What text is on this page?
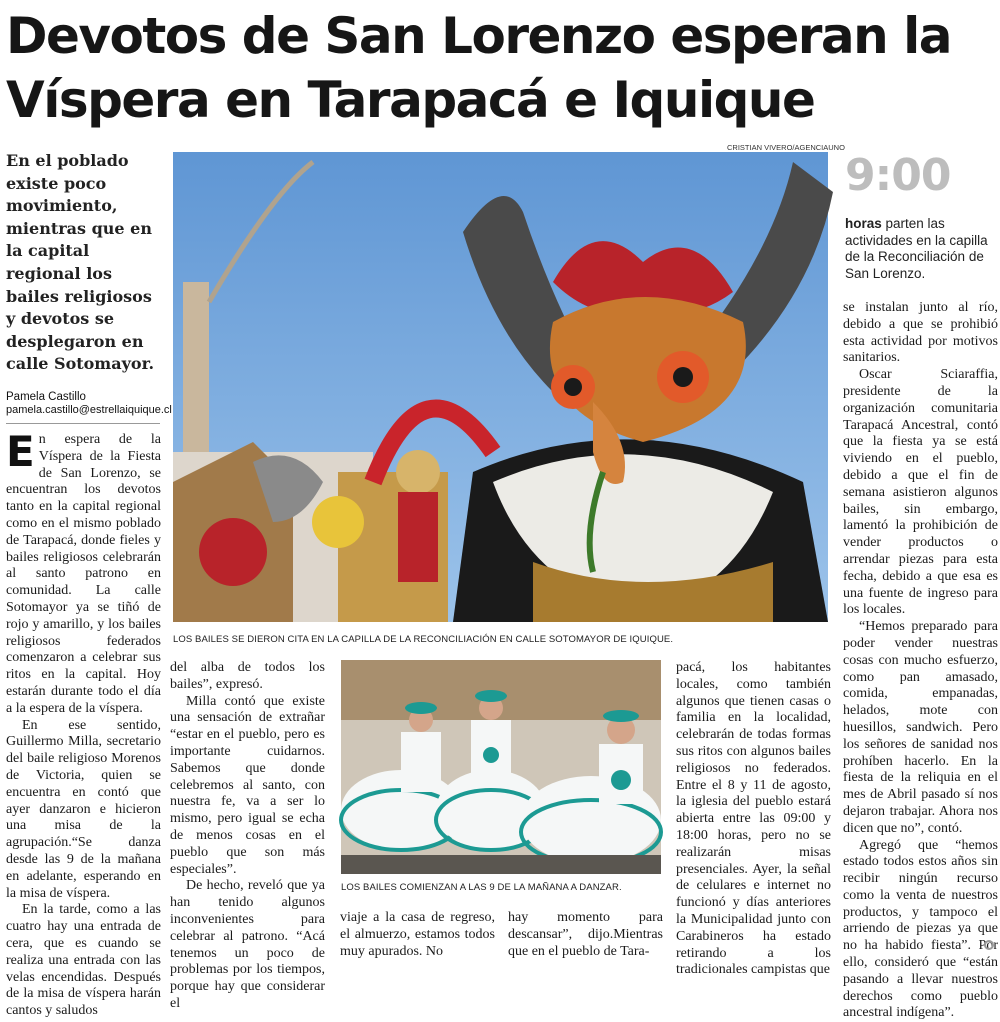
Devotos de San Lorenzo esperan la
Víspera en Tarapacá e Iquique
En el poblado existe poco movimiento, mientras que en la capital regional los bailes religiosos y devotos se desplegaron en calle Sotomayor.
Pamela Castillo
pamela.castillo@estrellaiquique.cl

En espera de la Víspera de la Fiesta de San Lorenzo, se encuentran los devotos tanto en la capital regional como en el mismo poblado de Tarapacá, donde fieles y bailes religiosos celebrarán al santo patrono en comunidad. La calle Sotomayor ya se tiñó de rojo y amarillo, y los bailes religiosos federados comenzaron a celebrar sus ritos en la capital. Hoy estarán durante todo el día a la espera de la víspera.

En ese sentido, Guillermo Milla, secretario del baile religioso Morenos de Victoria, quien se encuentra en contó que ayer danzaron e hicieron una misa de la agrupación.“Se danza desde las 9 de la mañana en adelante, esperando en la misa de víspera.

En la tarde, como a las cuatro hay una entrada de cera, que es cuando se realiza una entrada con las velas encendidas. Después de la misa de víspera harán cantos y saludos

CRISTIAN VIVERO/AGENCIAUNO
LOS BAILES SE DIERON CITA EN LA CAPILLA DE LA RECONCILIACIÓN EN CALLE SOTOMAYOR DE IQUIQUE.

del alba de todos los bailes”, expresó.

Milla contó que existe una sensación de extrañar “estar en el pueblo, pero es importante cuidarnos. Sabemos que donde celebremos al santo, con nuestra fe, va a ser lo mismo, pero igual se echa de menos cosas en el pueblo que son más especiales”.

De hecho, reveló que ya han tenido algunos inconvenientes para celebrar al patrono. “Acá tenemos un poco de problemas por los tiempos, porque hay que considerar el

LOS BAILES COMIENZAN A LAS 9 DE LA MAÑANA A DANZAR.

viaje a la casa de regreso, el almuerzo, estamos todos muy apurados. No

hay momento para descansar”, dijo.Mientras que en el pueblo de Tara-

pacá, los habitantes locales, como también algunos que tienen casas o familia en la localidad, celebrarán de todas formas sus ritos con algunos bailes religiosos no federados. Entre el 8 y 11 de agosto, la iglesia del pueblo estará abierta entre las 09:00 y 18:00 horas, pero no se realizarán misas presenciales. Ayer, la señal de celulares e internet no funcionó y días anteriores la Municipalidad junto con Carabineros ha estado retirando a los tradicionales campistas que

9:00
horas parten las actividades en la capilla de la Reconciliación de San Lorenzo.

se instalan junto al río, debido a que se prohibió esta actividad por motivos sanitarios.

Oscar Sciaraffia, presidente de la organización comunitaria Tarapacá Ancestral, contó que la fiesta ya se está viviendo en el pueblo, debido a que el fin de semana asistieron algunos bailes, sin embargo, lamentó la prohibición de vender productos o arrendar piezas para esta fecha, debido a que esa es una fuente de ingreso para los locales.

“Hemos preparado para poder vender nuestras cosas con mucho esfuerzo, como pan amasado, comida, empanadas, helados, mote con huesillos, sandwich. Pero los señores de sanidad nos prohíben hacerlo. En la fiesta de la reliquia en el mes de Abril pasado sí nos dejaron trabajar. Ahora nos dicen que no”, contó.

Agregó que “hemos estado todos estos años sin recibir ningún recurso como la venta de nuestros productos, y tampoco el arriendo de piezas ya que no ha habido fiesta”. Por ello, consideró que “están pasando a llevar nuestros derechos como pueblo ancestral indígena”.
